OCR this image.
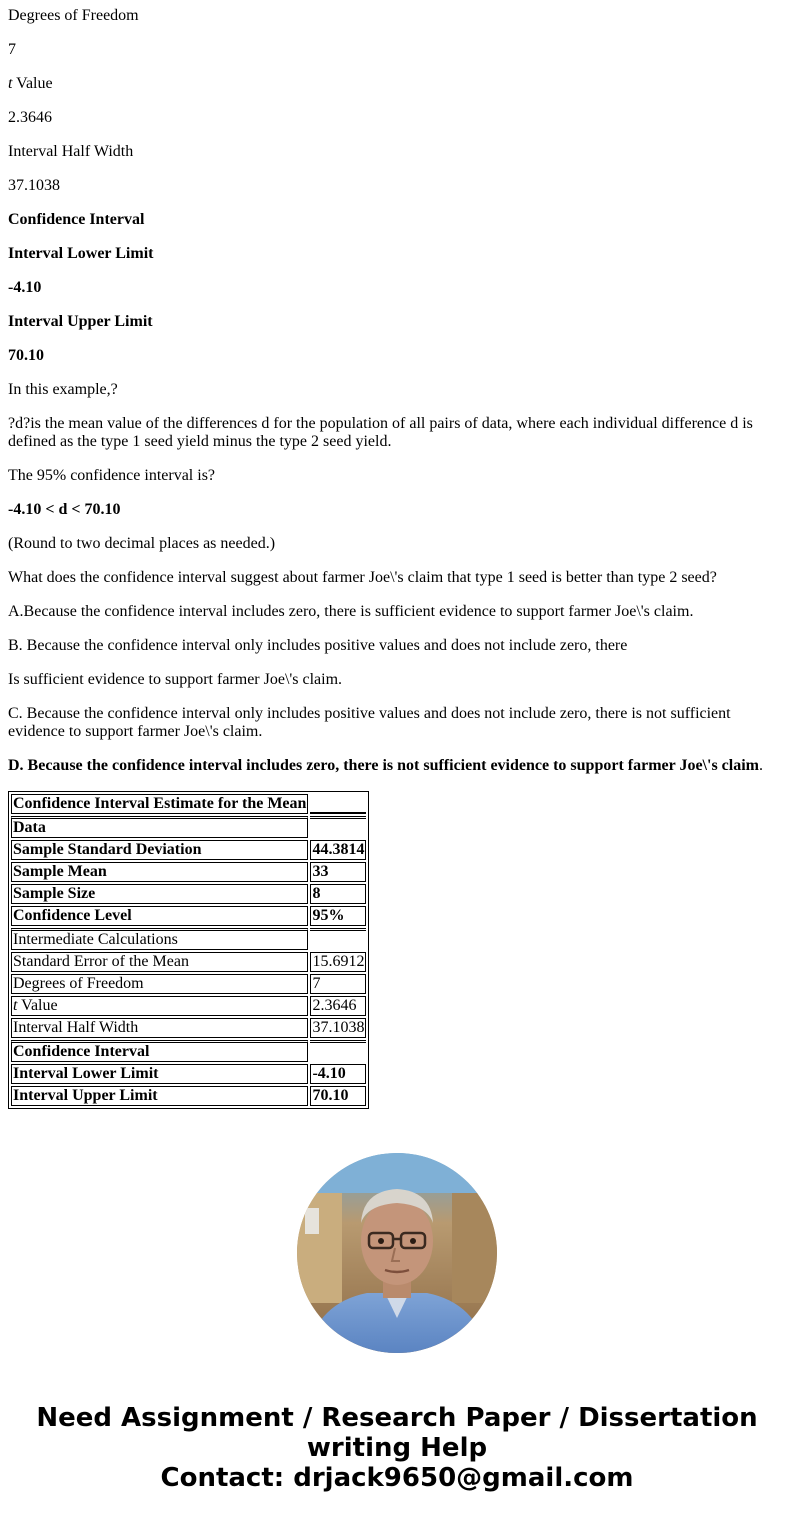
Degrees of Freedom

7

t Value

2.3646

Interval Half Width

37.1038

Confidence Interval

Interval Lower Limit

-4.10

Interval Upper Limit

70.10

In this example,?

?d?is the mean value of the differences d for the population of all pairs of data, where each individual difference d is defined as the type 1 seed yield minus the type 2 seed yield.

The 95% confidence interval is?

-4.10 < d < 70.10

(Round to two decimal places as needed.)

What does the confidence interval suggest about farmer Joe\'s claim that type 1 seed is better than type 2 seed?

A.Because the confidence interval includes zero, there is sufficient evidence to support farmer Joe\'s claim.

B. Because the confidence interval only includes positive values and does not include zero, there

Is sufficient evidence to support farmer Joe\'s claim.

C. Because the confidence interval only includes positive values and does not include zero, there is not sufficient evidence to support farmer Joe\'s claim.

D. Because the confidence interval includes zero, there is not sufficient evidence to support farmer Joe\'s claim.

Confidence Interval Estimate for the Mean	
Data	
Sample Standard Deviation	44.3814
Sample Mean	33
Sample Size	8
Confidence Level	95%
Intermediate Calculations	
Standard Error of the Mean	15.6912
Degrees of Freedom	7
t Value	2.3646
Interval Half Width	37.1038
Confidence Interval	
Interval Lower Limit	-4.10
Interval Upper Limit	70.10
Need Assignment / Research Paper / Dissertation
writing Help
Contact: drjack9650@gmail.com
